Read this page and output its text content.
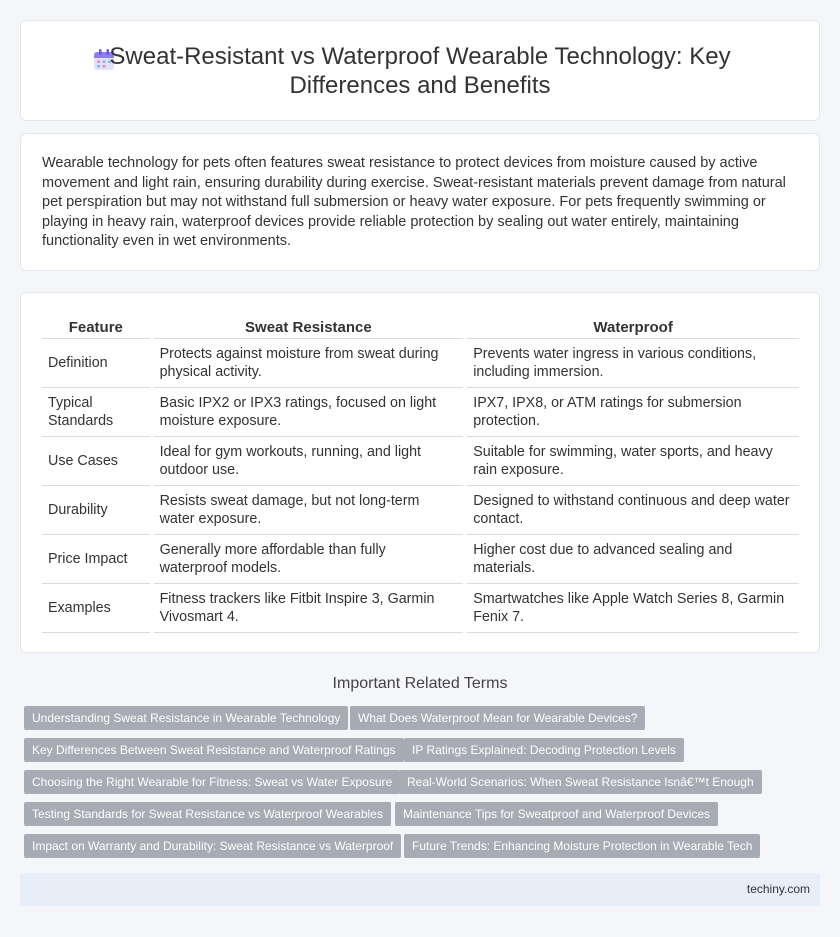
Sweat-Resistant vs Waterproof Wearable Technology: Key Differences and Benefits

Wearable technology for pets often features sweat resistance to protect devices from moisture caused by active movement and light rain, ensuring durability during exercise. Sweat-resistant materials prevent damage from natural pet perspiration but may not withstand full submersion or heavy water exposure. For pets frequently swimming or playing in heavy rain, waterproof devices provide reliable protection by sealing out water entirely, maintaining functionality even in wet environments.

Feature		Sweat Resistance		Waterproof
Definition		Protects against moisture from sweat during physical activity.		Prevents water ingress in various conditions, including immersion.
Typical Standards		Basic IPX2 or IPX3 ratings, focused on light moisture exposure.		IPX7, IPX8, or ATM ratings for submersion protection.
Use Cases		Ideal for gym workouts, running, and light outdoor use.		Suitable for swimming, water sports, and heavy rain exposure.
Durability		Resists sweat damage, but not long-term water exposure.		Designed to withstand continuous and deep water contact.
Price Impact		Generally more affordable than fully waterproof models.		Higher cost due to advanced sealing and materials.
Examples		Fitness trackers like Fitbit Inspire 3, Garmin Vivosmart 4.		Smartwatches like Apple Watch Series 8, Garmin Fenix 7.
Important Related Terms
Understanding Sweat Resistance in Wearable Technology	What Does Waterproof Mean for Wearable Devices?
Key Differences Between Sweat Resistance and Waterproof Ratings	IP Ratings Explained: Decoding Protection Levels
Choosing the Right Wearable for Fitness: Sweat vs Water Exposure	Real-World Scenarios: When Sweat Resistance Isnâ€™t Enough
Testing Standards for Sweat Resistance vs Waterproof Wearables	Maintenance Tips for Sweatproof and Waterproof Devices
Impact on Warranty and Durability: Sweat Resistance vs Waterproof	Future Trends: Enhancing Moisture Protection in Wearable Tech
techiny.com
